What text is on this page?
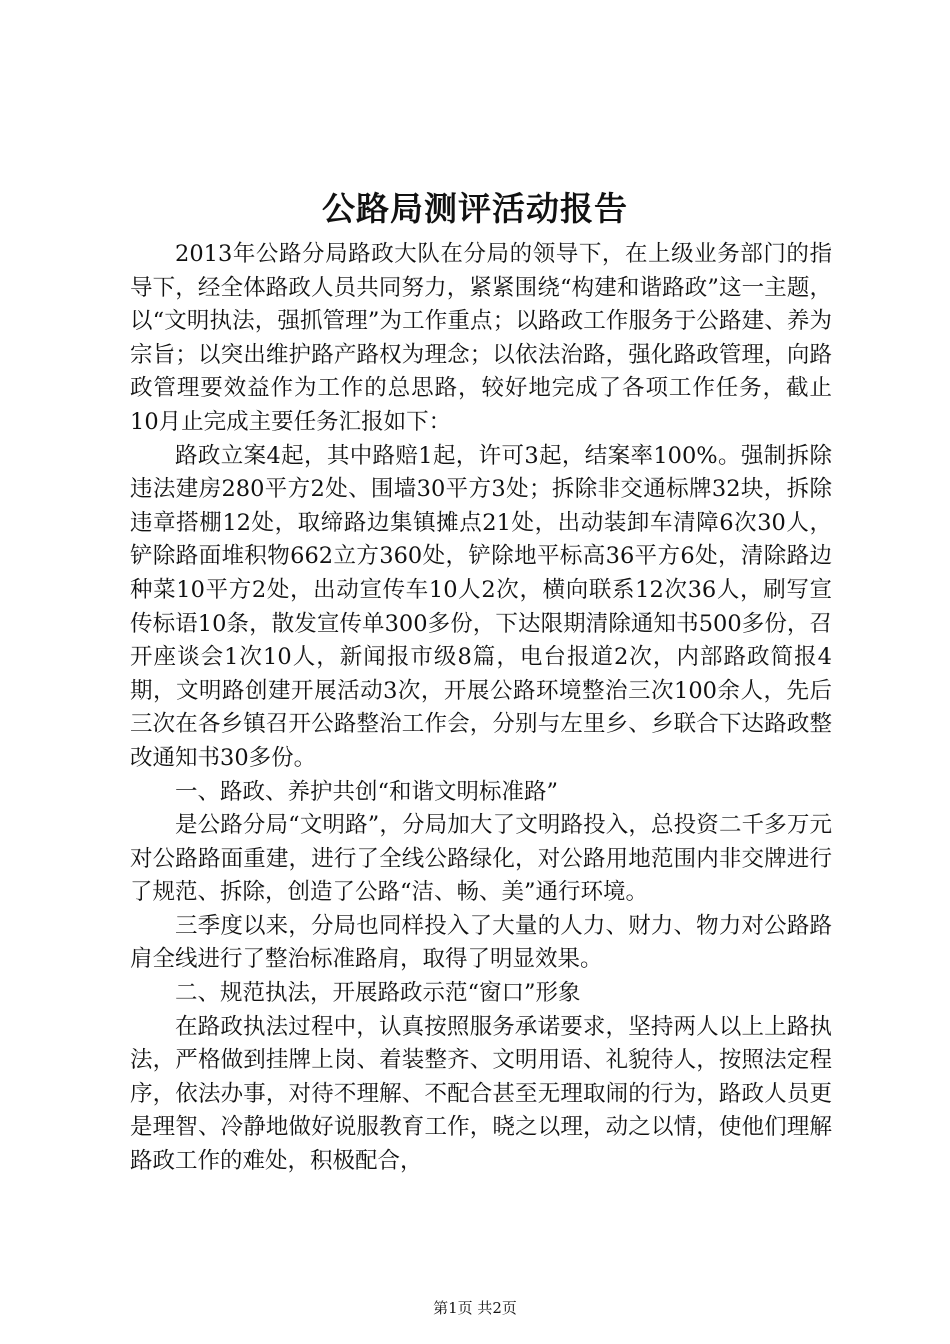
公路局测评活动报告

2013年公路分局路政大队在分局的领导下，在上级业务部门的指导下，经全体路政人员共同努力，紧紧围绕“构建和谐路政”这一主题，以“文明执法，强抓管理”为工作重点；以路政工作服务于公路建、养为宗旨；以突出维护路产路权为理念；以依法治路，强化路政管理，向路政管理要效益作为工作的总思路，较好地完成了各项工作任务，截止10月止完成主要任务汇报如下：

路政立案4起，其中路赔1起，许可3起，结案率100%。强制拆除违法建房280平方2处、围墙30平方3处；拆除非交通标牌32块，拆除违章搭棚12处，取缔路边集镇摊点21处，出动装卸车清障6次30人，铲除路面堆积物662立方360处，铲除地平标高36平方6处，清除路边种菜10平方2处，出动宣传车10人2次，横向联系12次36人，刷写宣传标语10条，散发宣传单300多份，下达限期清除通知书500多份，召开座谈会1次10人，新闻报市级8篇，电台报道2次，内部路政简报4期，文明路创建开展活动3次，开展公路环境整治三次100余人，先后三次在各乡镇召开公路整治工作会，分别与左里乡、乡联合下达路政整改通知书30多份。

一、路政、养护共创“和谐文明标准路”

是公路分局“文明路”，分局加大了文明路投入，总投资二千多万元对公路路面重建，进行了全线公路绿化，对公路用地范围内非交牌进行了规范、拆除，创造了公路“洁、畅、美”通行环境。

三季度以来，分局也同样投入了大量的人力、财力、物力对公路路肩全线进行了整治标准路肩，取得了明显效果。

二、规范执法，开展路政示范“窗口”形象

在路政执法过程中，认真按照服务承诺要求，坚持两人以上上路执法，严格做到挂牌上岗、着装整齐、文明用语、礼貌待人，按照法定程序，依法办事，对待不理解、不配合甚至无理取闹的行为，路政人员更是理智、冷静地做好说服教育工作，晓之以理，动之以情，使他们理解路政工作的难处，积极配合，

第1页 共2页
